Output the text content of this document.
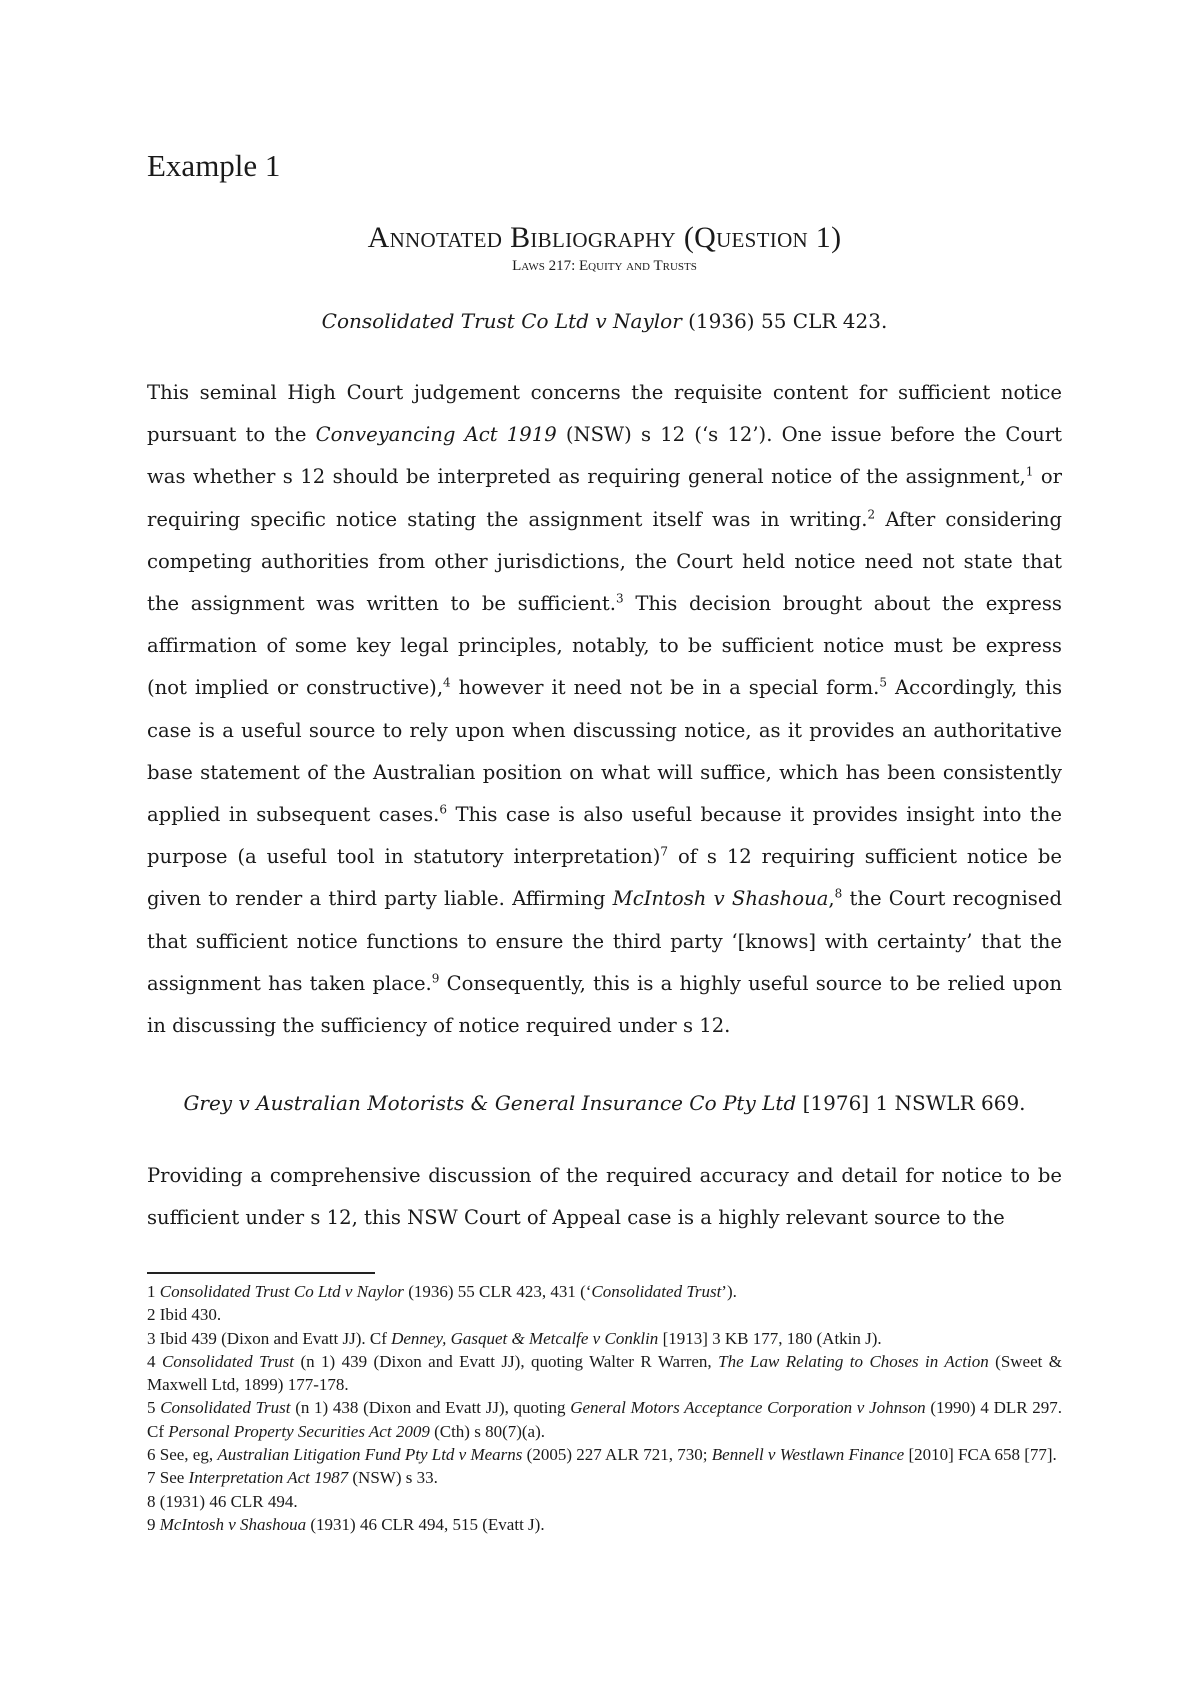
Example 1
Annotated Bibliography (Question 1)
Laws 217: Equity and Trusts
Consolidated Trust Co Ltd v Naylor (1936) 55 CLR 423.
This seminal High Court judgement concerns the requisite content for sufficient notice pursuant to the Conveyancing Act 1919 (NSW) s 12 (‘s 12’). One issue before the Court was whether s 12 should be interpreted as requiring general notice of the assignment,$^1$ or requiring specific notice stating the assignment itself was in writing.$^2$ After considering competing authorities from other jurisdictions, the Court held notice need not state that the assignment was written to be sufficient.$^3$ This decision brought about the express affirmation of some key legal principles, notably, to be sufficient notice must be express (not implied or constructive),$^4$ however it need not be in a special form.$^5$ Accordingly, this case is a useful source to rely upon when discussing notice, as it provides an authoritative base statement of the Australian position on what will suffice, which has been consistently applied in subsequent cases.$^6$ This case is also useful because it provides insight into the purpose (a useful tool in statutory interpretation)$^7$ of s 12 requiring sufficient notice be given to render a third party liable. Affirming McIntosh v Shashoua,$^8$ the Court recognised that sufficient notice functions to ensure the third party ‘[knows] with certainty’ that the assignment has taken place.$^9$ Consequently, this is a highly useful source to be relied upon in discussing the sufficiency of notice required under s 12.
Grey v Australian Motorists & General Insurance Co Pty Ltd [1976] 1 NSWLR 669.
Providing a comprehensive discussion of the required accuracy and detail for notice to be sufficient under s 12, this NSW Court of Appeal case is a highly relevant source to the
1 Consolidated Trust Co Ltd v Naylor (1936) 55 CLR 423, 431 (‘Consolidated Trust’).
2 Ibid 430.
3 Ibid 439 (Dixon and Evatt JJ). Cf Denney, Gasquet & Metcalfe v Conklin [1913] 3 KB 177, 180 (Atkin J).
4 Consolidated Trust (n 1) 439 (Dixon and Evatt JJ), quoting Walter R Warren, The Law Relating to Choses in Action (Sweet & Maxwell Ltd, 1899) 177-178.
5 Consolidated Trust (n 1) 438 (Dixon and Evatt JJ), quoting General Motors Acceptance Corporation v Johnson (1990) 4 DLR 297. Cf Personal Property Securities Act 2009 (Cth) s 80(7)(a).
6 See, eg, Australian Litigation Fund Pty Ltd v Mearns (2005) 227 ALR 721, 730; Bennell v Westlawn Finance [2010] FCA 658 [77].
7 See Interpretation Act 1987 (NSW) s 33.
8 (1931) 46 CLR 494.
9 McIntosh v Shashoua (1931) 46 CLR 494, 515 (Evatt J).
